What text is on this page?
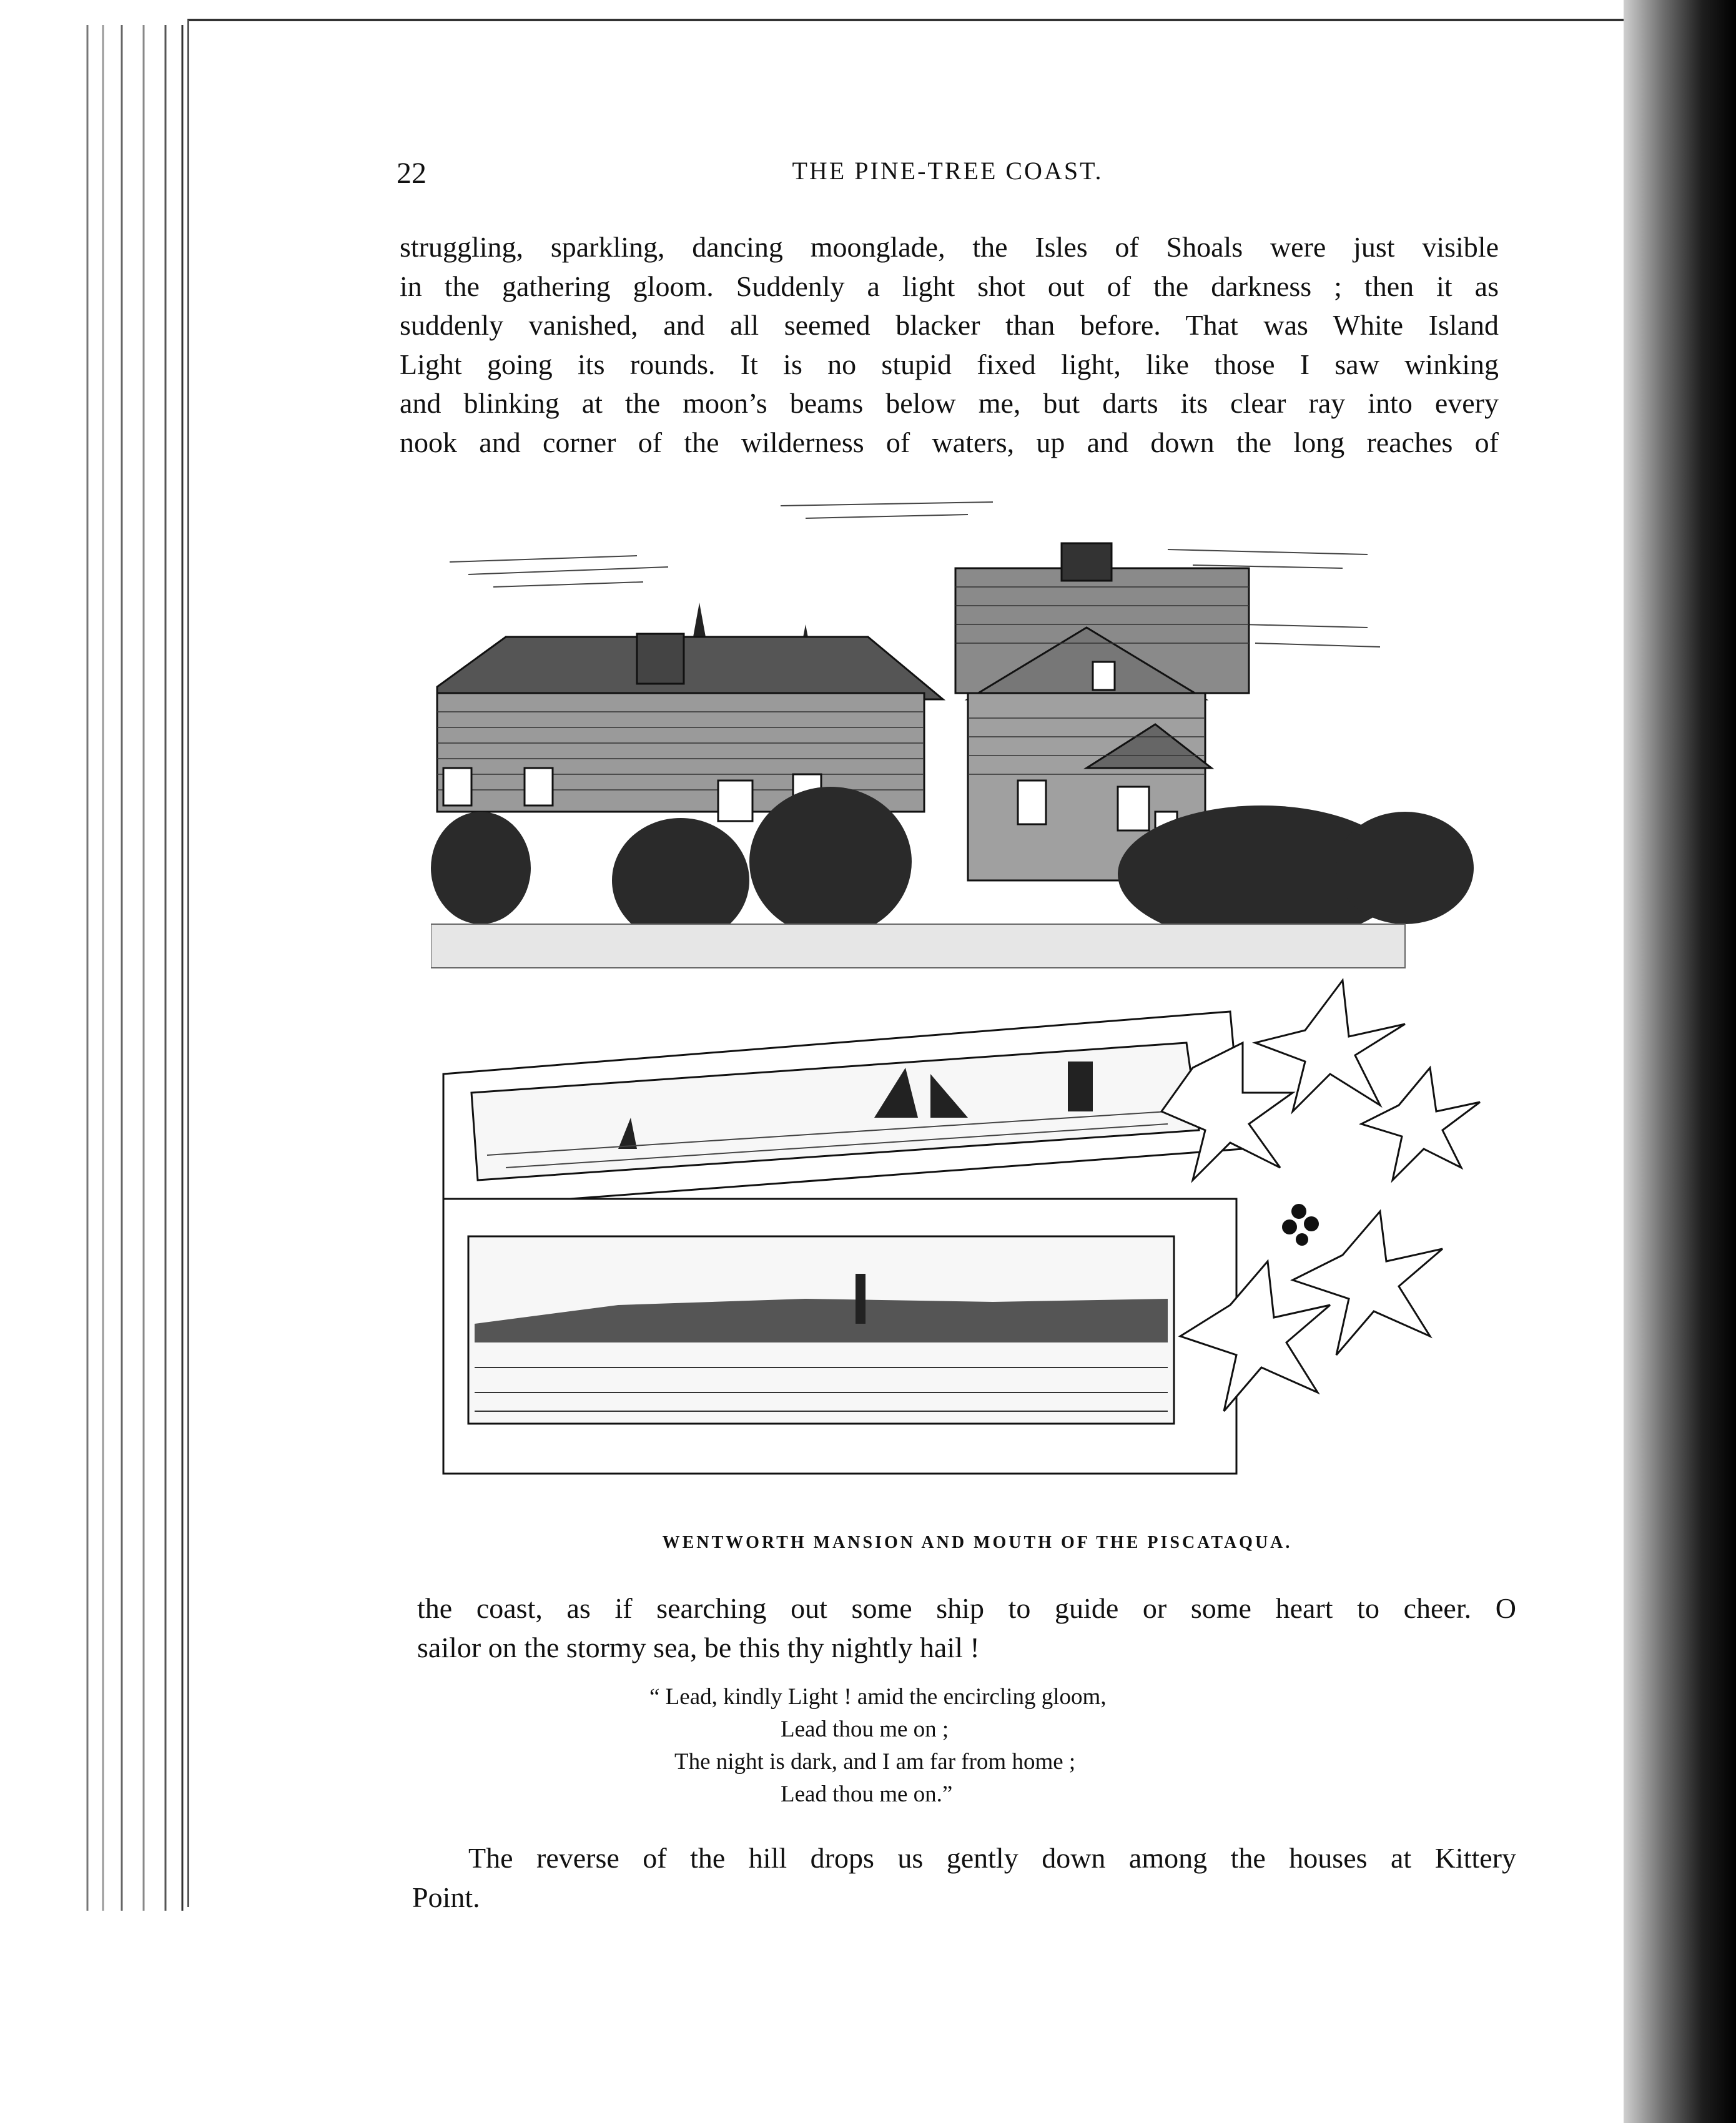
22	THE PINE-TREE COAST.

struggling, sparkling, dancing moonglade, the Isles of Shoals were just visible
in the gathering gloom. Suddenly a light shot out of the darkness ; then it as
suddenly vanished, and all seemed blacker than before. That was White Island
Light going its rounds. It is no stupid fixed light, like those I saw winking
and blinking at the moon’s beams below me, but darts its clear ray into every
nook and corner of the wilderness of waters, up and down the long reaches of

WENTWORTH MANSION AND MOUTH OF THE PISCATAQUA.

the coast, as if searching out some ship to guide or some heart to cheer. O
sailor on the stormy sea, be this thy nightly hail !

“ Lead, kindly Light ! amid the encircling gloom,
Lead thou me on ;
The night is dark, and I am far from home ;
Lead thou me on.”

The reverse of the hill drops us gently down among the houses at Kittery
Point.
